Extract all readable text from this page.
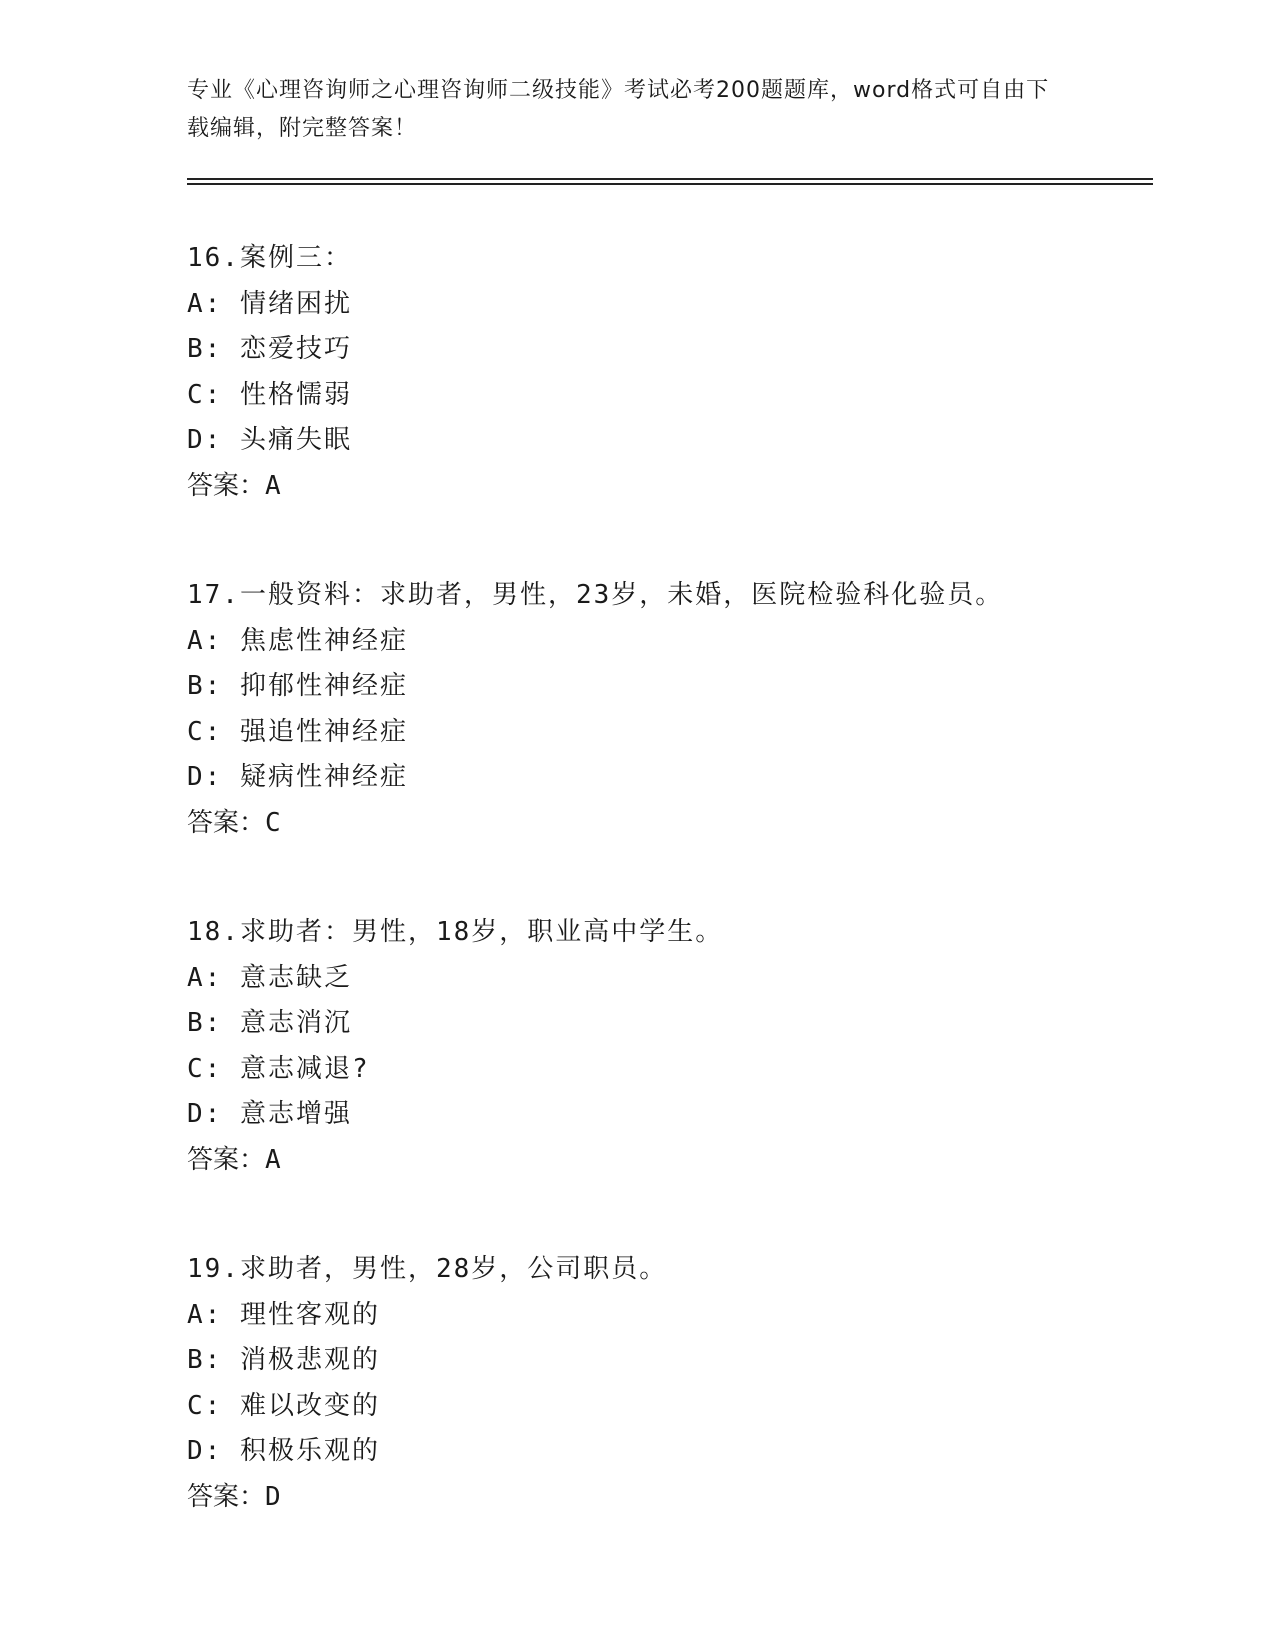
专业《心理咨询师之心理咨询师二级技能》考试必考200题题库，word格式可自由下载编辑，附完整答案！
16.案例三：
A: 情绪困扰
B: 恋爱技巧
C: 性格懦弱
D: 头痛失眠
答案：A
17.一般资料：求助者，男性，23岁，未婚，医院检验科化验员。
A: 焦虑性神经症
B: 抑郁性神经症
C: 强追性神经症
D: 疑病性神经症
答案：C
18.求助者：男性，18岁，职业高中学生。
A: 意志缺乏
B: 意志消沉
C: 意志减退?
D: 意志增强
答案：A
19.求助者，男性，28岁，公司职员。
A: 理性客观的
B: 消极悲观的
C: 难以改变的
D: 积极乐观的
答案：D
